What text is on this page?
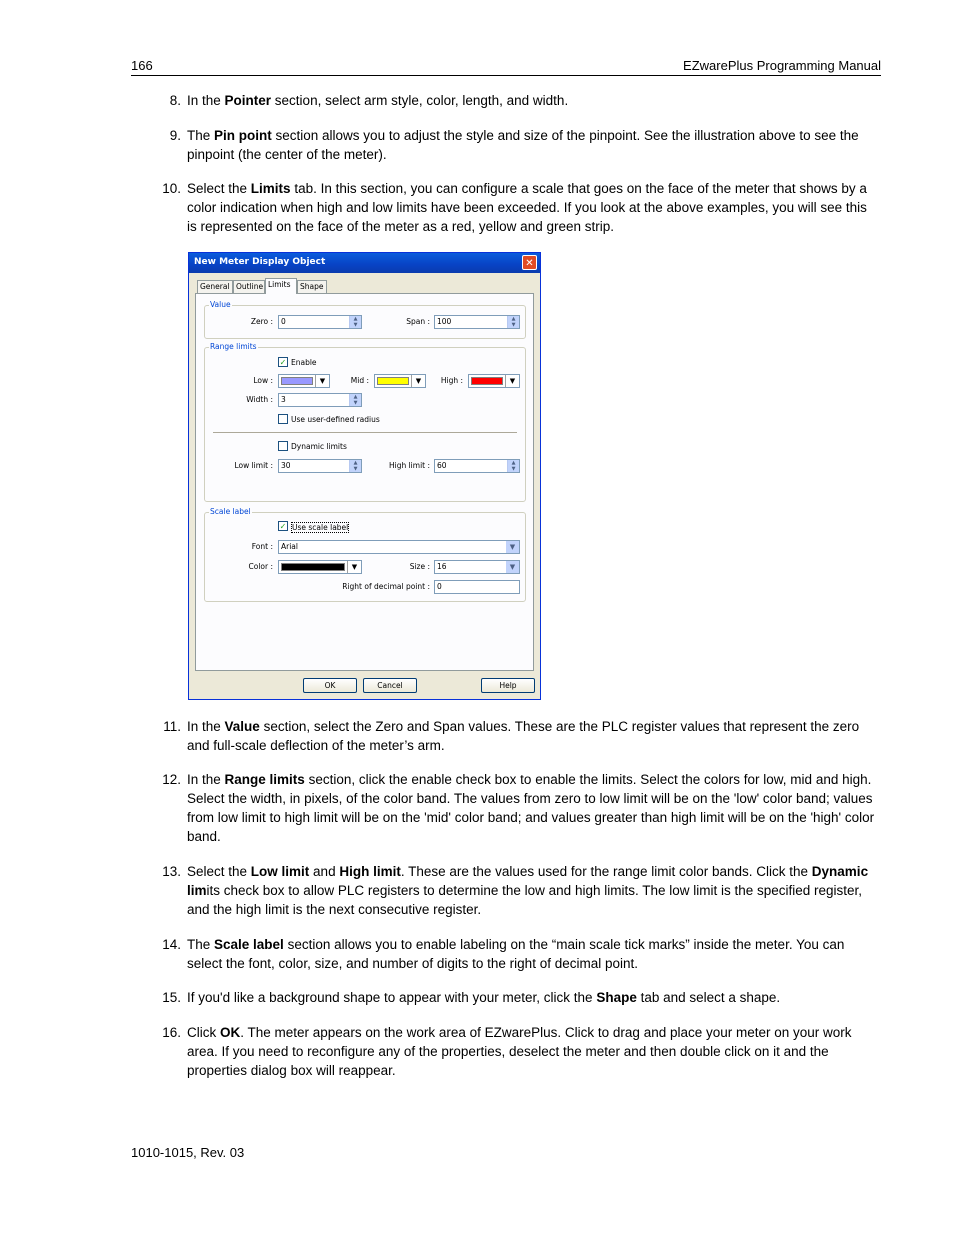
166	EZwarePlus Programming Manual
8. In the Pointer section, select arm style, color, length, and width.
9. The Pin point section allows you to adjust the style and size of the pinpoint. See the illustration above to see the pinpoint (the center of the meter).
10. Select the Limits tab. In this section, you can configure a scale that goes on the face of the meter that shows by a color indication when high and low limits have been exceeded. If you look at the above examples, you will see this is represented on the face of the meter as a red, yellow and green strip.
New Meter Display Object	✕
General Outline Limits	Shape
Value
Zero :	0	▲
▼	Span : 100	▲
▼
Range limits
✓ Enable
Low :	▼	Mid :	▼	High :	▼
Width :	3	▲
▼
Use user-defined radius
Dynamic limits
Low limit :	30	▲
▼	High limit : 60	▲
▼
Scale label
✓ Use scale label
Font :	Arial	▼
Color :	▼	Size : 16	▼
Right of decimal point : 0
OK	Cancel	Help
11. In the Value section, select the Zero and Span values. These are the PLC register values that represent the zero and full-scale deflection of the meter’s arm.
12. In the Range limits section, click the enable check box to enable the limits. Select the colors for low, mid and high. Select the width, in pixels, of the color band. The values from zero to low limit will be on the 'low' color band; values from low limit to high limit will be on the 'mid' color band; and values greater than high limit will be on the 'high' color band.
13. Select the Low limit and High limit. These are the values used for the range limit color bands. Click the Dynamic limits check box to allow PLC registers to determine the low and high limits. The low limit is the specified register, and the high limit is the next consecutive register.
14. The Scale label section allows you to enable labeling on the “main scale tick marks” inside the meter. You can select the font, color, size, and number of digits to the right of decimal point.
15. If you'd like a background shape to appear with your meter, click the Shape tab and select a shape.
16. Click OK. The meter appears on the work area of EZwarePlus. Click to drag and place your meter on your work area. If you need to reconfigure any of the properties, deselect the meter and then double click on it and the properties dialog box will reappear.
1010-1015, Rev. 03
